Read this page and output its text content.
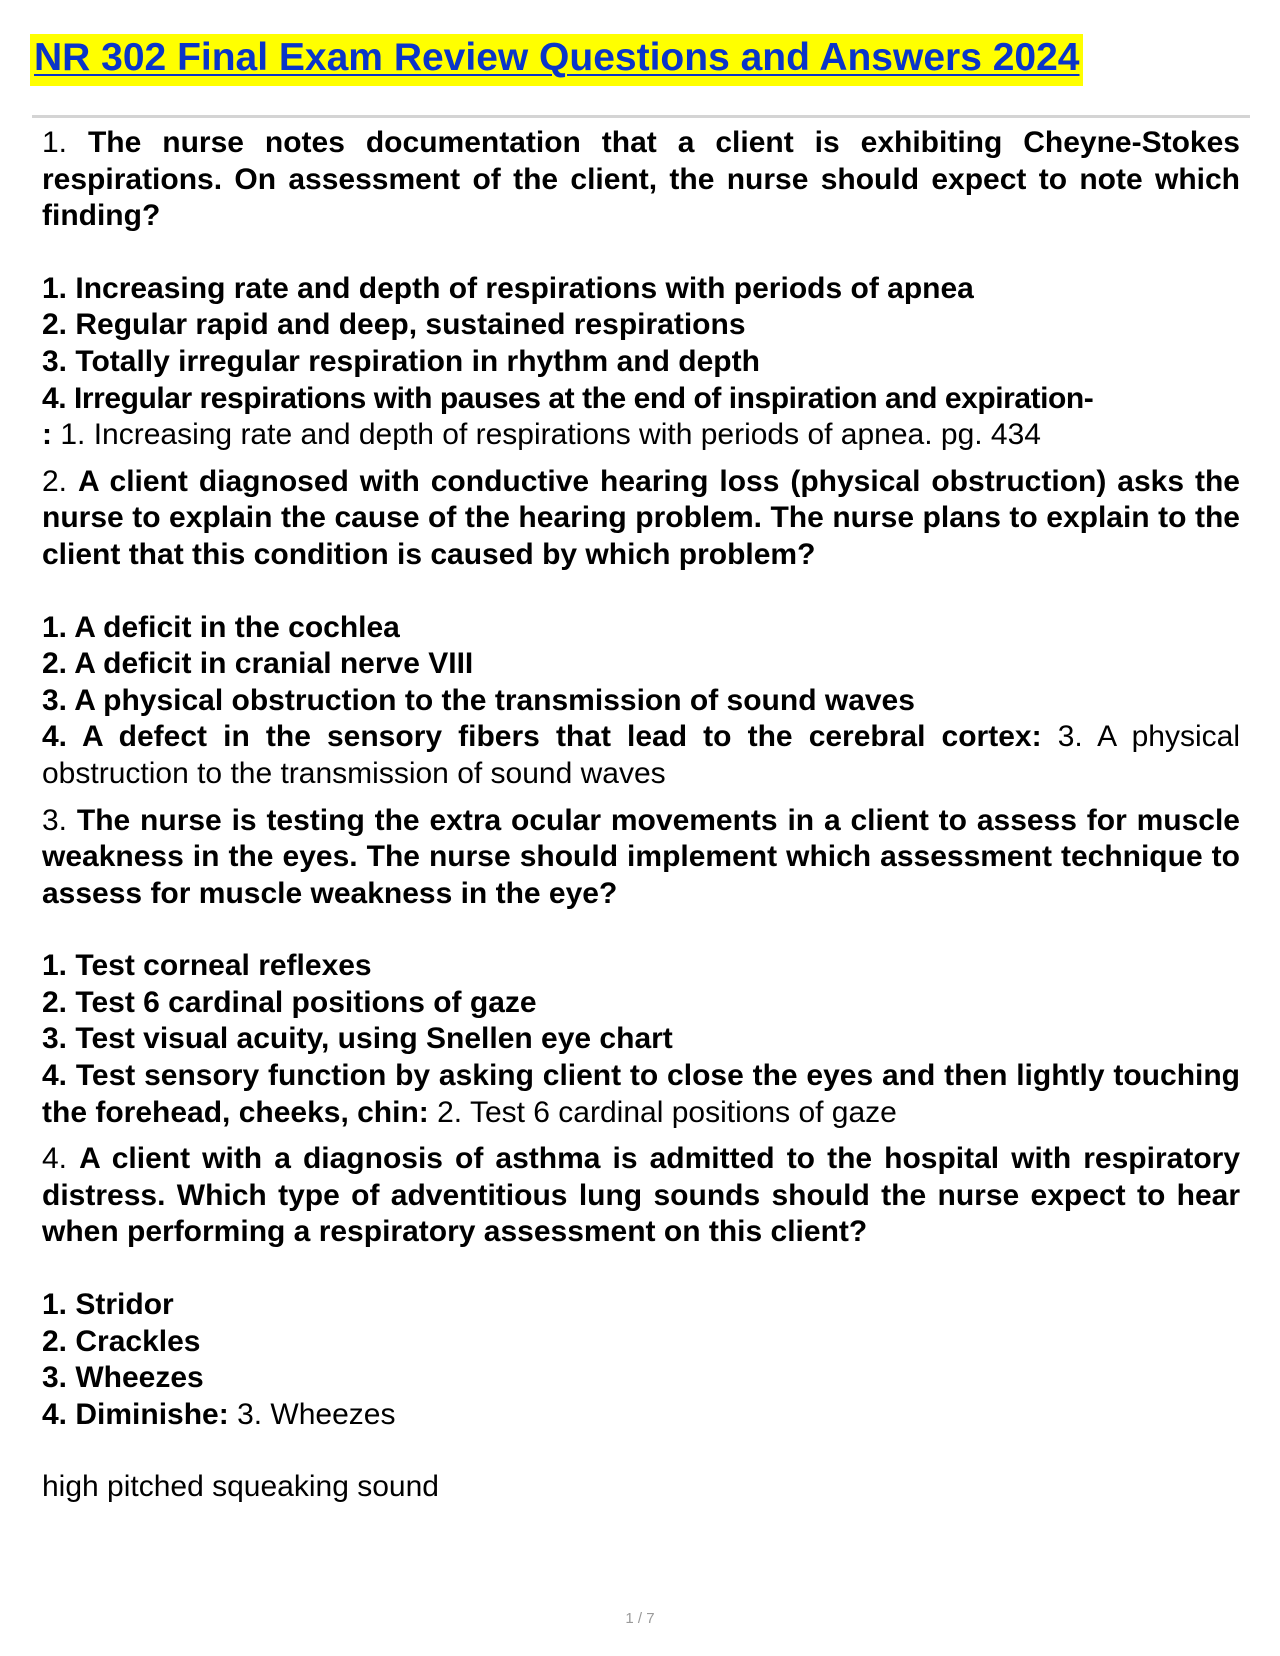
NR 302 Final Exam Review Questions and Answers 2024
1. The nurse notes documentation that a client is exhibiting Cheyne-Stokes respirations. On assessment of the client, the nurse should expect to note which finding?
1. Increasing rate and depth of respirations with periods of apnea
2. Regular rapid and deep, sustained respirations
3. Totally irregular respiration in rhythm and depth
4. Irregular respirations with pauses at the end of inspiration and expiration-
: 1. Increasing rate and depth of respirations with periods of apnea. pg. 434
2. A client diagnosed with conductive hearing loss (physical obstruction) asks the nurse to explain the cause of the hearing problem. The nurse plans to explain to the client that this condition is caused by which problem?
1. A deficit in the cochlea
2. A deficit in cranial nerve VIII
3. A physical obstruction to the transmission of sound waves
4. A defect in the sensory fibers that lead to the cerebral cortex: 3. A physical obstruction to the transmission of sound waves
3. The nurse is testing the extra ocular movements in a client to assess for muscle weakness in the eyes. The nurse should implement which assessment technique to assess for muscle weakness in the eye?
1. Test corneal reflexes
2. Test 6 cardinal positions of gaze
3. Test visual acuity, using Snellen eye chart
4. Test sensory function by asking client to close the eyes and then lightly touching the forehead, cheeks, chin: 2. Test 6 cardinal positions of gaze
4. A client with a diagnosis of asthma is admitted to the hospital with respiratory distress. Which type of adventitious lung sounds should the nurse expect to hear when performing a respiratory assessment on this client?
1. Stridor
2. Crackles
3. Wheezes
4. Diminishe: 3. Wheezes
high pitched squeaking sound
1 / 7
